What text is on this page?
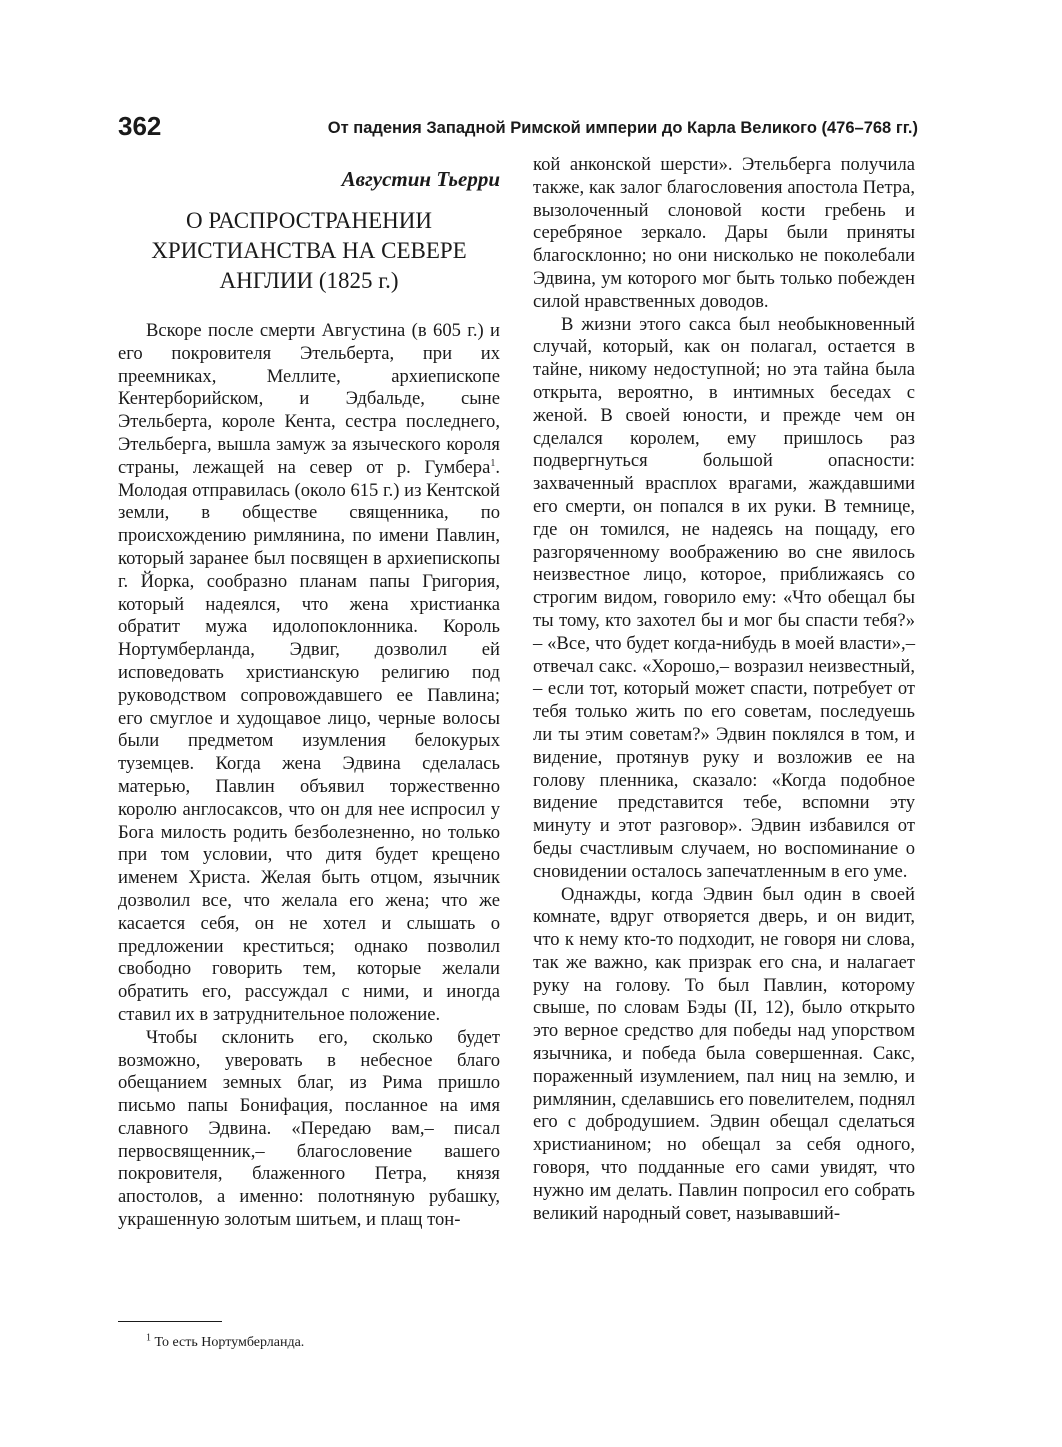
362	От падения Западной Римской империи до Карла Великого (476–768 гг.)
Августин Тьерри
О РАСПРОСТРАНЕНИИ
ХРИСТИАНСТВА НА СЕВЕРЕ
АНГЛИИ (1825 г.)

Вскоре после смерти Августина (в 605 г.) и его покровителя Этельберта, при их преемниках, Меллите, архиепископе Кентерборийском, и Эдбальде, сыне Этельберта, короле Кента, сестра последнего, Этельберга, вышла замуж за языческого короля страны, лежащей на север от р. Гумбера$^1$. Молодая отправилась (около 615 г.) из Кентской земли, в обществе священника, по происхождению римлянина, по имени Павлин, который заранее был посвящен в архиепископы г. Йорка, сообразно планам папы Григория, который надеялся, что жена христианка обратит мужа идолопоклонника. Король Нортумберланда, Эдвиг, дозволил ей исповедовать христианскую религию под руководством сопровождавшего ее Павлина; его смуглое и худощавое лицо, черные волосы были предметом изумления белокурых туземцев. Когда жена Эдвина сделалась матерью, Павлин объявил торжественно королю англосаксов, что он для нее испросил у Бога милость родить безболезненно, но только при том условии, что дитя будет крещено именем Христа. Желая быть отцом, язычник дозволил все, что желала его жена; что же касается себя, он не хотел и слышать о предложении креститься; однако позволил свободно говорить тем, которые желали обратить его, рассуждал с ними, и иногда ставил их в затруднительное положение.

Чтобы склонить его, сколько будет возможно, уверовать в небесное благо обещанием земных благ, из Рима пришло письмо папы Бонифация, посланное на имя славного Эдвина. «Передаю вам,– писал первосвященник,– благословение вашего покровителя, блаженного Петра, князя апостолов, а именно: полотняную рубашку, украшенную золотым шитьем, и плащ тон-

кой анконской шерсти». Этельберга получила также, как залог благословения апостола Петра, вызолоченный слоновой кости гребень и серебряное зеркало. Дары были приняты благосклонно; но они нисколько не поколебали Эдвина, ум которого мог быть только побежден силой нравственных доводов.

В жизни этого сакса был необыкновенный случай, который, как он полагал, остается в тайне, никому недоступной; но эта тайна была открыта, вероятно, в интимных беседах с женой. В своей юности, и прежде чем он сделался королем, ему пришлось раз подвергнуться большой опасности: захваченный врасплох врагами, жаждавшими его смерти, он попался в их руки. В темнице, где он томился, не надеясь на пощаду, его разгоряченному воображению во сне явилось неизвестное лицо, которое, приближаясь со строгим видом, говорило ему: «Что обещал бы ты тому, кто захотел бы и мог бы спасти тебя?» – «Все, что будет когда-нибудь в моей власти»,– отвечал сакс. «Хорошо,– возразил неизвестный, – если тот, который может спасти, потребует от тебя только жить по его советам, последуешь ли ты этим советам?» Эдвин поклялся в том, и видение, протянув руку и возложив ее на голову пленника, сказало: «Когда подобное видение представится тебе, вспомни эту минуту и этот разговор». Эдвин избавился от беды счастливым случаем, но воспоминание о сновидении осталось запечатленным в его уме.

Однажды, когда Эдвин был один в своей комнате, вдруг отворяется дверь, и он видит, что к нему кто-то подходит, не говоря ни слова, так же важно, как призрак его сна, и налагает руку на голову. То был Павлин, которому свыше, по словам Бэды (II, 12), было открыто это верное средство для победы над упорством язычника, и победа была совершенная. Сакс, пораженный изумлением, пал ниц на землю, и римлянин, сделавшись его повелителем, поднял его с добродушием. Эдвин обещал сделаться христианином; но обещал за себя одного, говоря, что подданные его сами увидят, что нужно им делать. Павлин попросил его собрать великий народный совет, называвший-

$^1$ То есть Нортумберланда.
